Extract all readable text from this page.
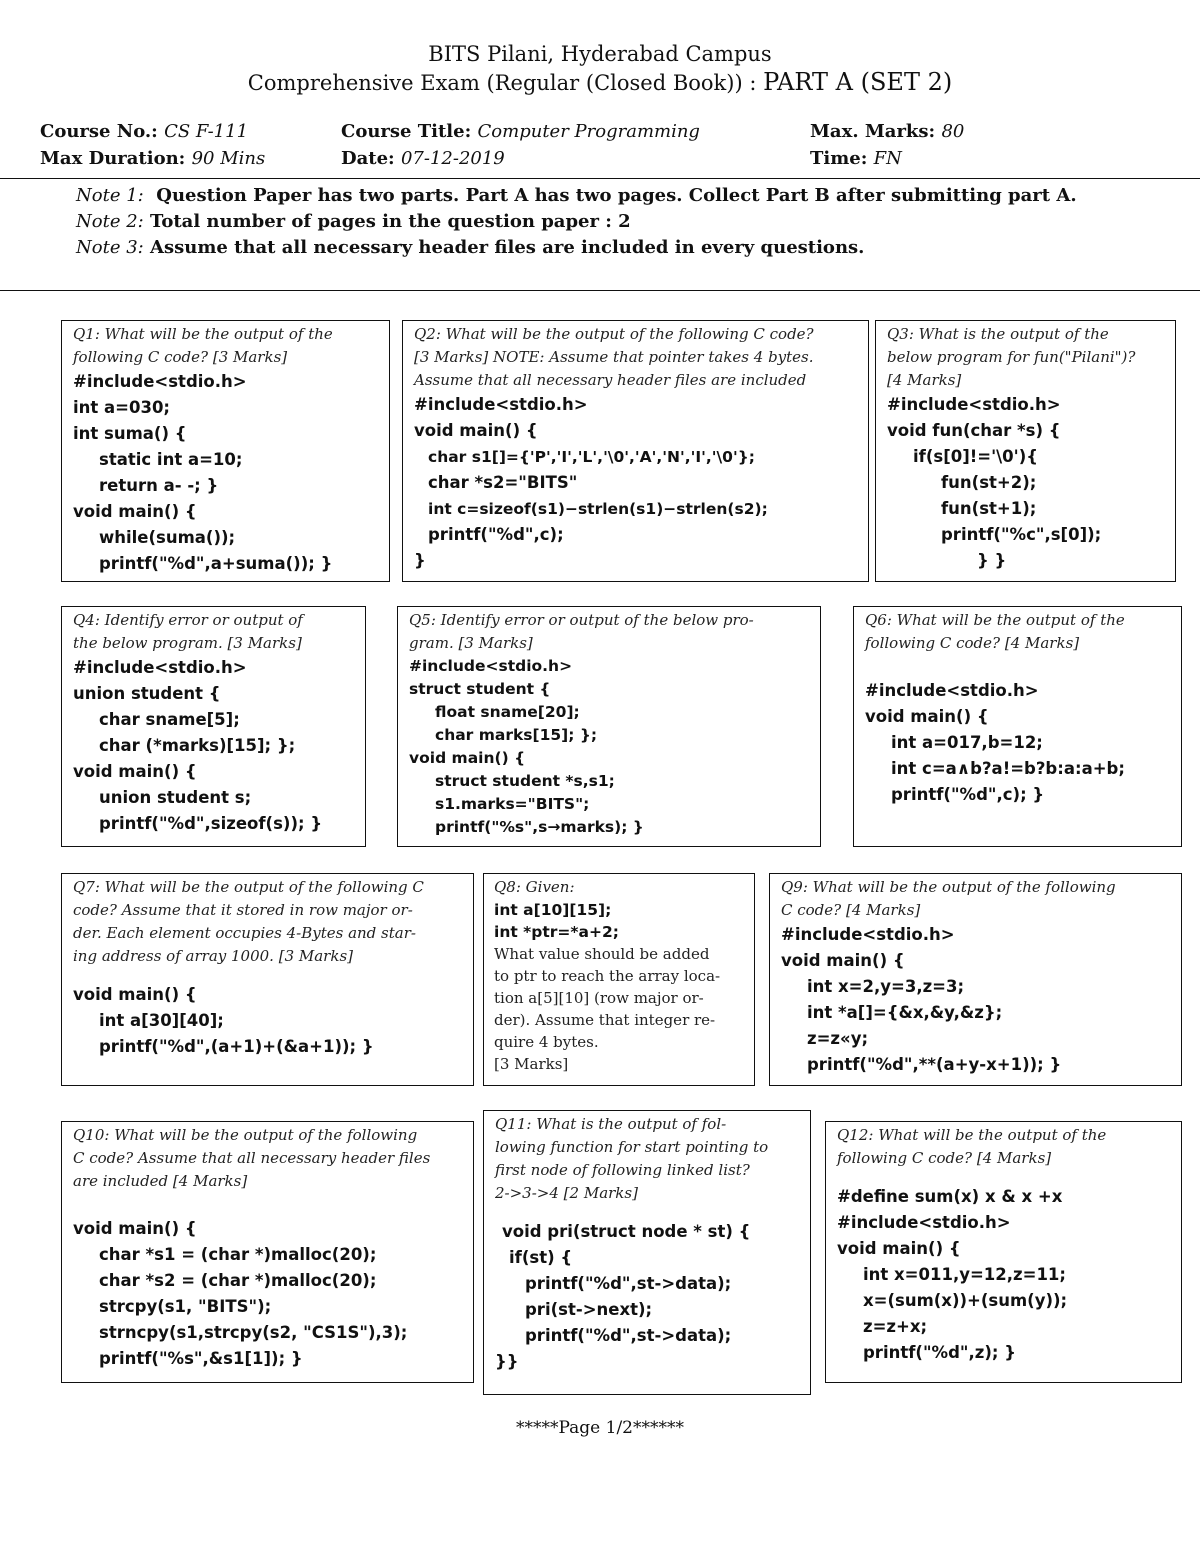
BITS Pilani, Hyderabad Campus
Comprehensive Exam (Regular (Closed Book)) : PART A (SET 2)
Course No.: CS F-111	Course Title: Computer Programming	Max. Marks: 80
Max Duration: 90 Mins	Date: 07-12-2019	Time: FN
Note 1: Question Paper has two parts. Part A has two pages. Collect Part B after submitting part A.
Note 2: Total number of pages in the question paper : 2
Note 3: Assume that all necessary header files are included in every questions.
Q1: What will be the output of the
following C code? [3 Marks]
#include<stdio.h>
int a=030;
int suma() {
static int a=10;
return a- -; }
void main() {
while(suma());
printf("%d",a+suma()); }
Q2: What will be the output of the following C code?
[3 Marks] NOTE: Assume that pointer takes 4 bytes.
Assume that all necessary header files are included
#include<stdio.h>
void main() {
char s1[]={'P','I','L','\0','A','N','I','\0'};
char *s2="BITS"
int c=sizeof(s1)−strlen(s1)−strlen(s2);
printf("%d",c);
}
Q3: What is the output of the
below program for fun("Pilani")?
[4 Marks]
#include<stdio.h>
void fun(char *s) {
if(s[0]!='\0'){
fun(st+2);
fun(st+1);
printf("%c",s[0]);
} }
Q4: Identify error or output of
the below program. [3 Marks]
#include<stdio.h>
union student {
char sname[5];
char (*marks)[15]; };
void main() {
union student s;
printf("%d",sizeof(s)); }
Q5: Identify error or output of the below pro-
gram. [3 Marks]
#include<stdio.h>
struct student {
float sname[20];
char marks[15]; };
void main() {
struct student *s,s1;
s1.marks="BITS";
printf("%s",s→marks); }
Q6: What will be the output of the
following C code? [4 Marks]
#include<stdio.h>
void main() {
int a=017,b=12;
int c=a∧b?a!=b?b:a:a+b;
printf("%d",c); }
Q7: What will be the output of the following C
code? Assume that it stored in row major or-
der. Each element occupies 4-Bytes and star-
ing address of array 1000. [3 Marks]
void main() {
int a[30][40];
printf("%d",(a+1)+(&a+1)); }
Q8: Given:
int a[10][15];
int *ptr=*a+2;
What value should be added
to ptr to reach the array loca-
tion a[5][10] (row major or-
der). Assume that integer re-
quire 4 bytes.
[3 Marks]
Q9: What will be the output of the following
C code? [4 Marks]
#include<stdio.h>
void main() {
int x=2,y=3,z=3;
int *a[]={&x,&y,&z};
z=z«y;
printf("%d",**(a+y-x+1)); }
Q10: What will be the output of the following
C code? Assume that all necessary header files
are included [4 Marks]
void main() {
char *s1 = (char *)malloc(20);
char *s2 = (char *)malloc(20);
strcpy(s1, "BITS");
strncpy(s1,strcpy(s2, "CS1S"),3);
printf("%s",&s1[1]); }
Q11: What is the output of fol-
lowing function for start pointing to
first node of following linked list?
2->3->4 [2 Marks]
void pri(struct node * st) {
if(st) {
printf("%d",st->data);
pri(st->next);
printf("%d",st->data);
}}
Q12: What will be the output of the
following C code? [4 Marks]
#define sum(x) x & x +x
#include<stdio.h>
void main() {
int x=011,y=12,z=11;
x=(sum(x))+(sum(y));
z=z+x;
printf("%d",z); }
*****Page 1/2******
